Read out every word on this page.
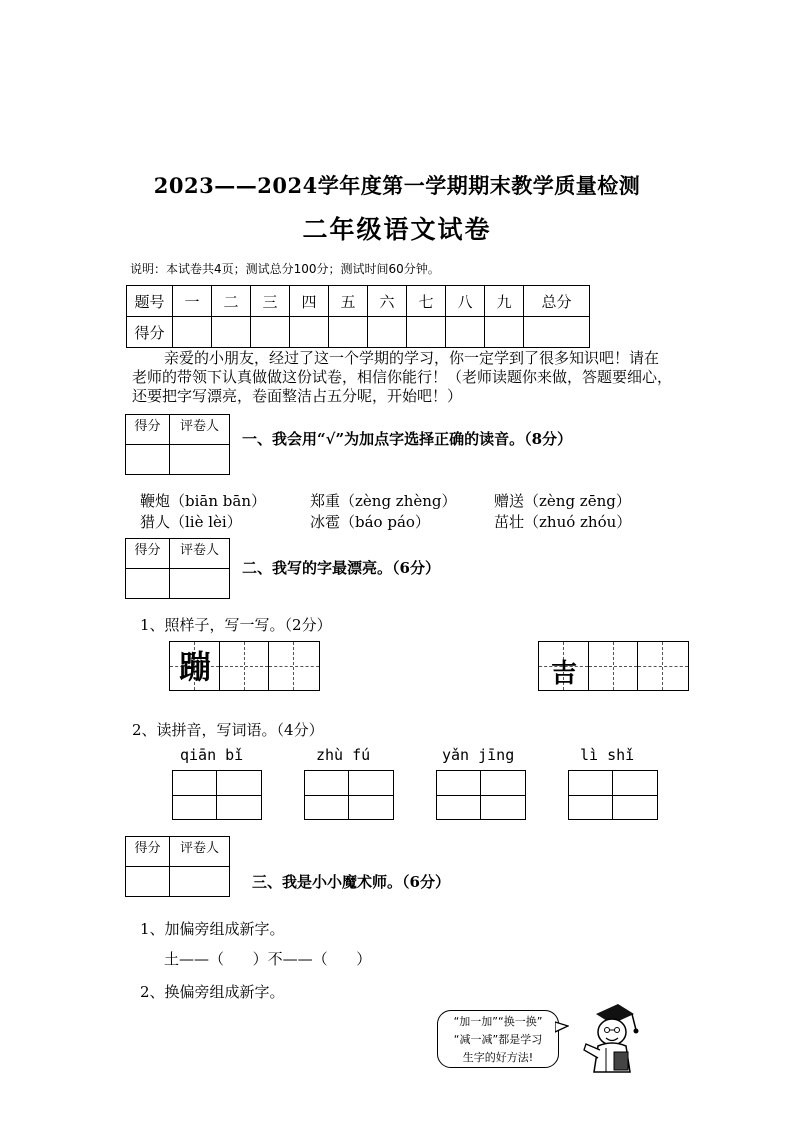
2023——2024学年度第一学期期末教学质量检测
二年级语文试卷
说明：本试卷共4页；测试总分100分；测试时间60分钟。
题号	一	二	三	四	五	六	七	八	九	总分
得分										
亲爱的小朋友，经过了这一个学期的学习，你一定学到了很多知识吧！请在老师的带领下认真做做这份试卷，相信你能行！（老师读题你来做，答题要细心，还要把字写漂亮，卷面整洁占五分呢，开始吧！）
得分	评卷人

一、我会用“√”为加点字选择正确的读音。（8分）
鞭炮（biān bān）	郑重（zèng zhèng） 赠送（zèng zēng）
猎人（liè lèi）	冰雹（báo páo）	茁壮（zhuó zhóu）
得分	评卷人

二、我写的字最漂亮。（6分）
1、照样子，写一写。（2分）
蹦	吉
2、读拼音，写词语。（4分）
qiān bǐ	zhù fú	yǎn jīng	lì shǐ
得分	评卷人

三、我是小小魔术师。（6分）
1、加偏旁组成新字。
土——（      ）不——（      ）
2、换偏旁组成新字。
“加一加”“换一换”
“减一减”都是学习
生字的好方法!
